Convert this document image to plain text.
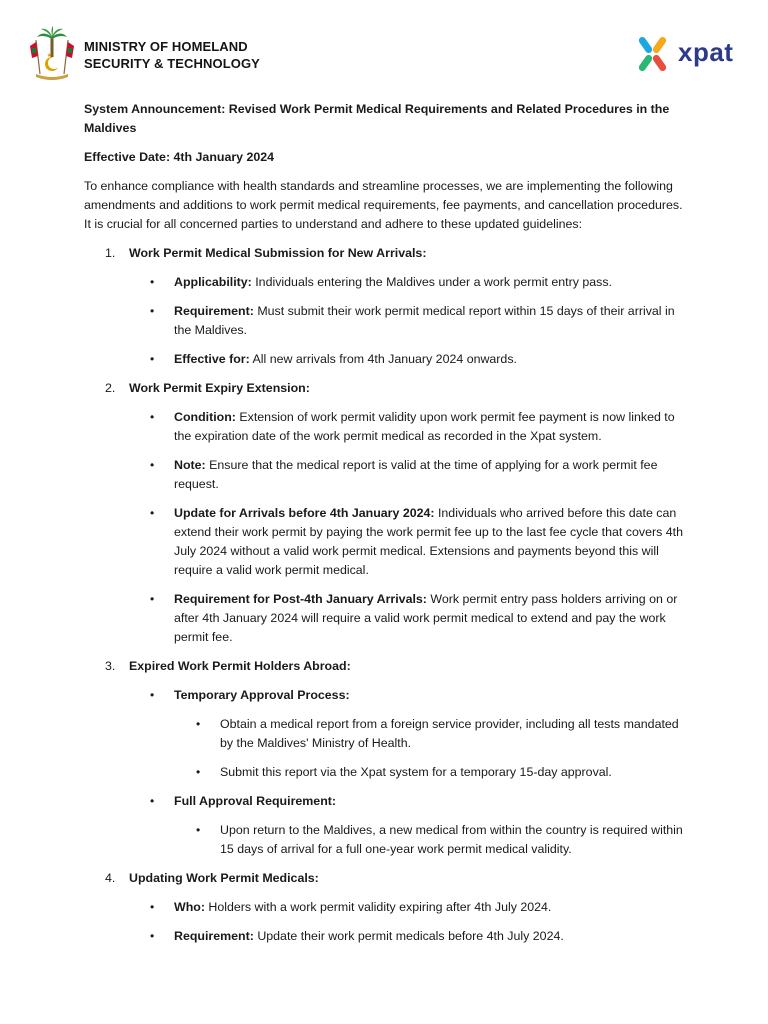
MINISTRY OF HOMELAND
SECURITY & TECHNOLOGY	xpat
System Announcement: Revised Work Permit Medical Requirements and Related Procedures in the Maldives
Effective Date: 4th January 2024
To enhance compliance with health standards and streamline processes, we are implementing the following amendments and additions to work permit medical requirements, fee payments, and cancellation procedures. It is crucial for all concerned parties to understand and adhere to these updated guidelines:
1. Work Permit Medical Submission for New Arrivals:
• Applicability: Individuals entering the Maldives under a work permit entry pass.
• Requirement: Must submit their work permit medical report within 15 days of their arrival in the Maldives.
• Effective for: All new arrivals from 4th January 2024 onwards.
2. Work Permit Expiry Extension:
• Condition: Extension of work permit validity upon work permit fee payment is now linked to the expiration date of the work permit medical as recorded in the Xpat system.
• Note: Ensure that the medical report is valid at the time of applying for a work permit fee request.
• Update for Arrivals before 4th January 2024: Individuals who arrived before this date can extend their work permit by paying the work permit fee up to the last fee cycle that covers 4th July 2024 without a valid work permit medical. Extensions and payments beyond this will require a valid work permit medical.
• Requirement for Post-4th January Arrivals: Work permit entry pass holders arriving on or after 4th January 2024 will require a valid work permit medical to extend and pay the work permit fee.
3. Expired Work Permit Holders Abroad:
• Temporary Approval Process:
• Obtain a medical report from a foreign service provider, including all tests mandated by the Maldives' Ministry of Health.
• Submit this report via the Xpat system for a temporary 15-day approval.
• Full Approval Requirement:
• Upon return to the Maldives, a new medical from within the country is required within 15 days of arrival for a full one-year work permit medical validity.
4. Updating Work Permit Medicals:
• Who: Holders with a work permit validity expiring after 4th July 2024.
• Requirement: Update their work permit medicals before 4th July 2024.
